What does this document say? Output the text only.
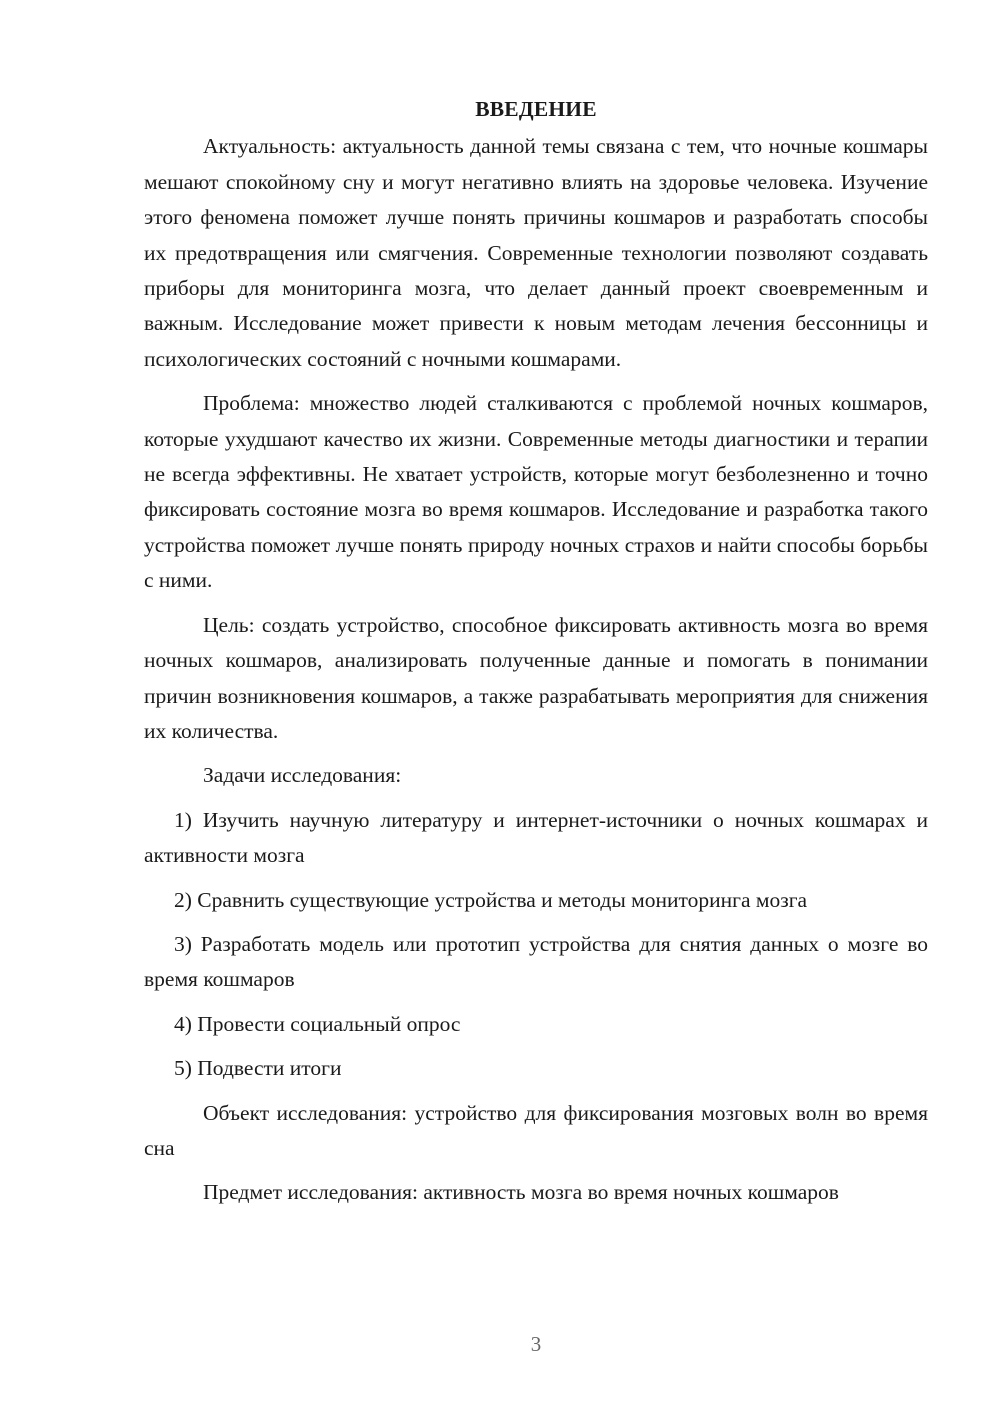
ВВЕДЕНИЕ

Актуальность: актуальность данной темы связана с тем, что ночные кошмары мешают спокойному сну и могут негативно влиять на здоровье человека. Изучение этого феномена поможет лучше понять причины кошмаров и разработать способы их предотвращения или смягчения. Современные технологии позволяют создавать приборы для мониторинга мозга, что делает данный проект своевременным и важным. Исследование может привести к новым методам лечения бессонницы и психологических состояний с ночными кошмарами.

Проблема: множество людей сталкиваются с проблемой ночных кошмаров, которые ухудшают качество их жизни. Современные методы диагностики и терапии не всегда эффективны. Не хватает устройств, которые могут безболезненно и точно фиксировать состояние мозга во время кошмаров. Исследование и разработка такого устройства поможет лучше понять природу ночных страхов и найти способы борьбы с ними.

Цель: создать устройство, способное фиксировать активность мозга во время ночных кошмаров, анализировать полученные данные и помогать в понимании причин возникновения кошмаров, а также разрабатывать мероприятия для снижения их количества.

Задачи исследования:

1) Изучить научную литературу и интернет-источники о ночных кошмарах и активности мозга

2) Сравнить существующие устройства и методы мониторинга мозга

3) Разработать модель или прототип устройства для снятия данных о мозге во время кошмаров

4) Провести социальный опрос

5) Подвести итоги

Объект исследования: устройство для фиксирования мозговых волн во время сна

Предмет исследования: активность мозга во время ночных кошмаров

3
